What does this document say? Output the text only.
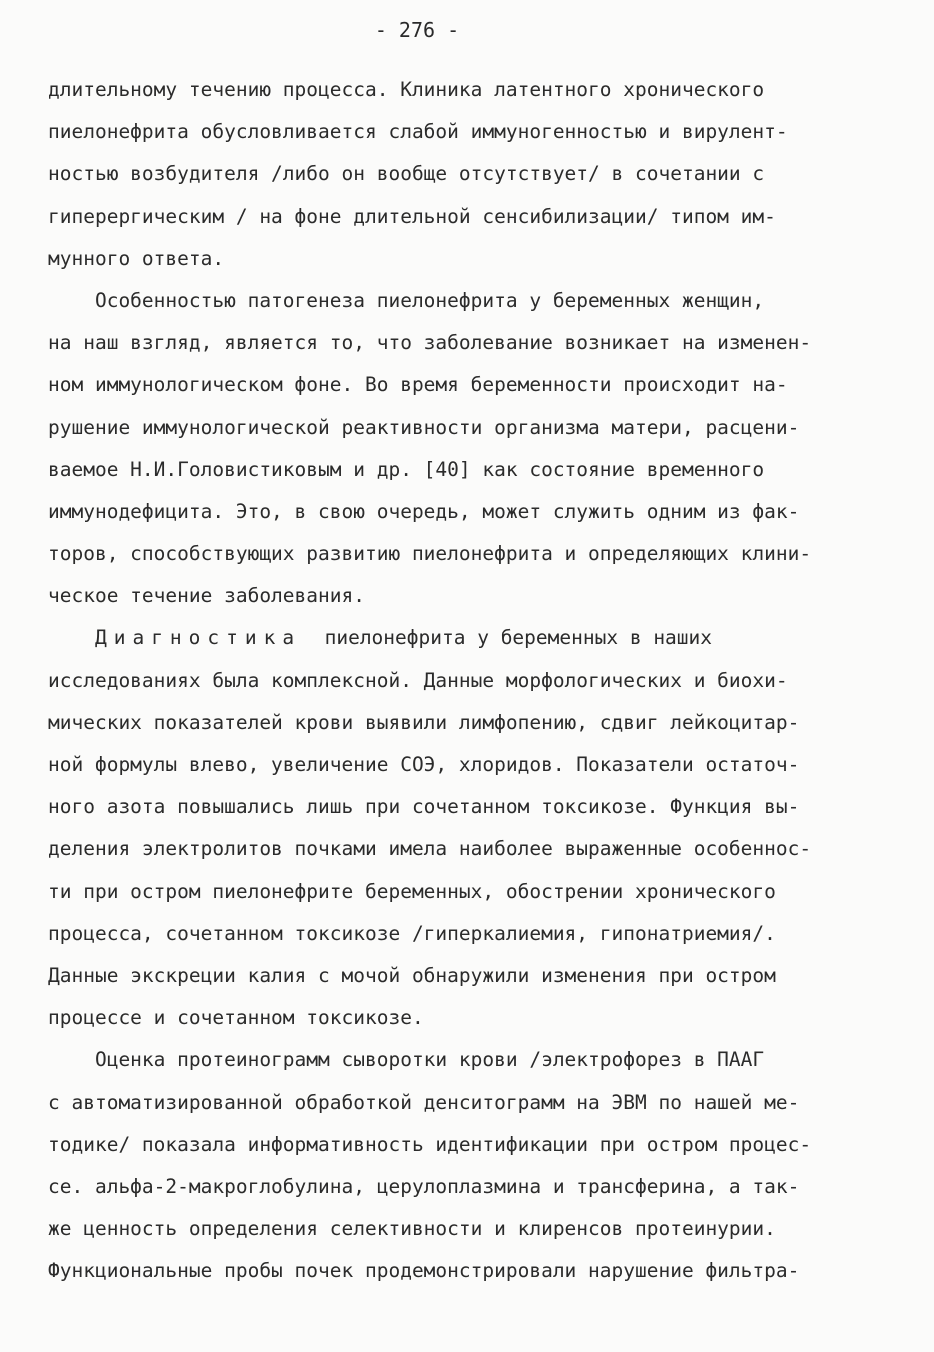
- 276 -
длительному течению процесса. Клиника латентного хронического
пиелонефрита обусловливается слабой иммуногенностью и вирулент-
ностью возбудителя /либо он вообще отсутствует/ в сочетании с
гиперергическим / на фоне длительной сенсибилизации/ типом им-
мунного ответа.
Особенностью патогенеза пиелонефрита у беременных женщин,
на наш взгляд, является то, что заболевание возникает на изменен-
ном иммунологическом фоне. Во время беременности происходит на-
рушение иммунологической реактивности организма матери, расцени-
ваемое Н.И.Головистиковым и др. [40] как состояние временного
иммунодефицита. Это, в свою очередь, может служить одним из фак-
торов, способствующих развитию пиелонефрита и определяющих клини-
ческое течение заболевания.
Диагностика пиелонефрита у беременных в наших
исследованиях была комплексной. Данные морфологических и биохи-
мических показателей крови выявили лимфопению, сдвиг лейкоцитар-
ной формулы влево, увеличение СОЭ, хлоридов. Показатели остаточ-
ного азота повышались лишь при сочетанном токсикозе. Функция вы-
деления электролитов почками имела наиболее выраженные особеннос-
ти при остром пиелонефрите беременных, обострении хронического
процесса, сочетанном токсикозе /гиперкалиемия, гипонатриемия/.
Данные экскреции калия с мочой обнаружили изменения при остром
процессе и сочетанном токсикозе.
Оценка протеинограмм сыворотки крови /электрофорез в ПААГ
с автоматизированной обработкой денситограмм на ЭВМ по нашей ме-
тодике/ показала информативность идентификации при остром процес-
се. альфа-2-макроглобулина, церулоплазмина и трансферина, а так-
же ценность определения селективности и клиренсов протеинурии.
Функциональные пробы почек продемонстрировали нарушение фильтра-
